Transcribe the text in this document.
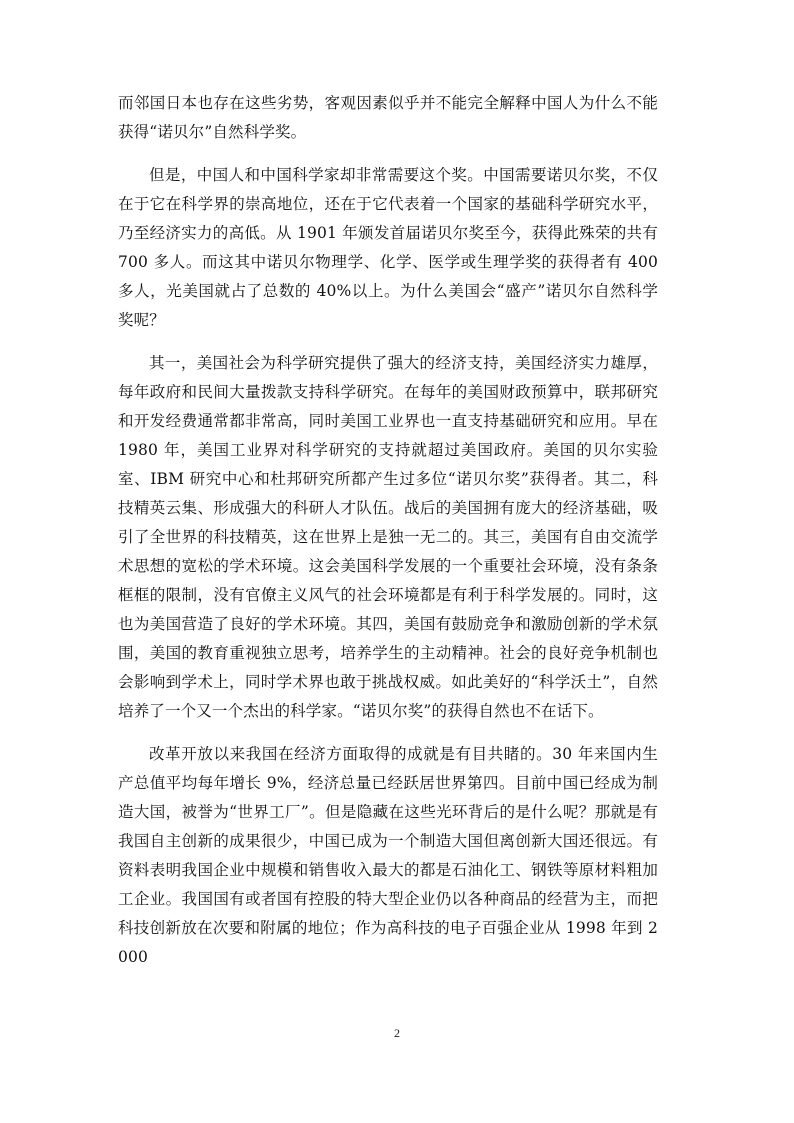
而邻国日本也存在这些劣势，客观因素似乎并不能完全解释中国人为什么不能获得“诺贝尔”自然科学奖。

但是，中国人和中国科学家却非常需要这个奖。中国需要诺贝尔奖，不仅在于它在科学界的崇高地位，还在于它代表着一个国家的基础科学研究水平，乃至经济实力的高低。从 1901 年颁发首届诺贝尔奖至今，获得此殊荣的共有 700 多人。而这其中诺贝尔物理学、化学、医学或生理学奖的获得者有 400 多人，光美国就占了总数的 40%以上。为什么美国会“盛产”诺贝尔自然科学奖呢？

其一，美国社会为科学研究提供了强大的经济支持，美国经济实力雄厚，每年政府和民间大量拨款支持科学研究。在每年的美国财政预算中，联邦研究和开发经费通常都非常高，同时美国工业界也一直支持基础研究和应用。早在 1980 年，美国工业界对科学研究的支持就超过美国政府。美国的贝尔实验室、IBM 研究中心和杜邦研究所都产生过多位“诺贝尔奖”获得者。其二，科技精英云集、形成强大的科研人才队伍。战后的美国拥有庞大的经济基础，吸引了全世界的科技精英，这在世界上是独一无二的。其三，美国有自由交流学术思想的宽松的学术环境。这会美国科学发展的一个重要社会环境，没有条条框框的限制，没有官僚主义风气的社会环境都是有利于科学发展的。同时，这也为美国营造了良好的学术环境。其四，美国有鼓励竞争和激励创新的学术氛围，美国的教育重视独立思考，培养学生的主动精神。社会的良好竞争机制也会影响到学术上，同时学术界也敢于挑战权威。如此美好的“科学沃土”，自然培养了一个又一个杰出的科学家。“诺贝尔奖”的获得自然也不在话下。

改革开放以来我国在经济方面取得的成就是有目共睹的。30 年来国内生产总值平均每年增长 9%，经济总量已经跃居世界第四。目前中国已经成为制造大国，被誉为“世界工厂”。但是隐藏在这些光环背后的是什么呢？那就是有我国自主创新的成果很少，中国已成为一个制造大国但离创新大国还很远。有资料表明我国企业中规模和销售收入最大的都是石油化工、钢铁等原材料粗加工企业。我国国有或者国有控股的特大型企业仍以各种商品的经营为主，而把科技创新放在次要和附属的地位；作为高科技的电子百强企业从 1998 年到 2000

2
